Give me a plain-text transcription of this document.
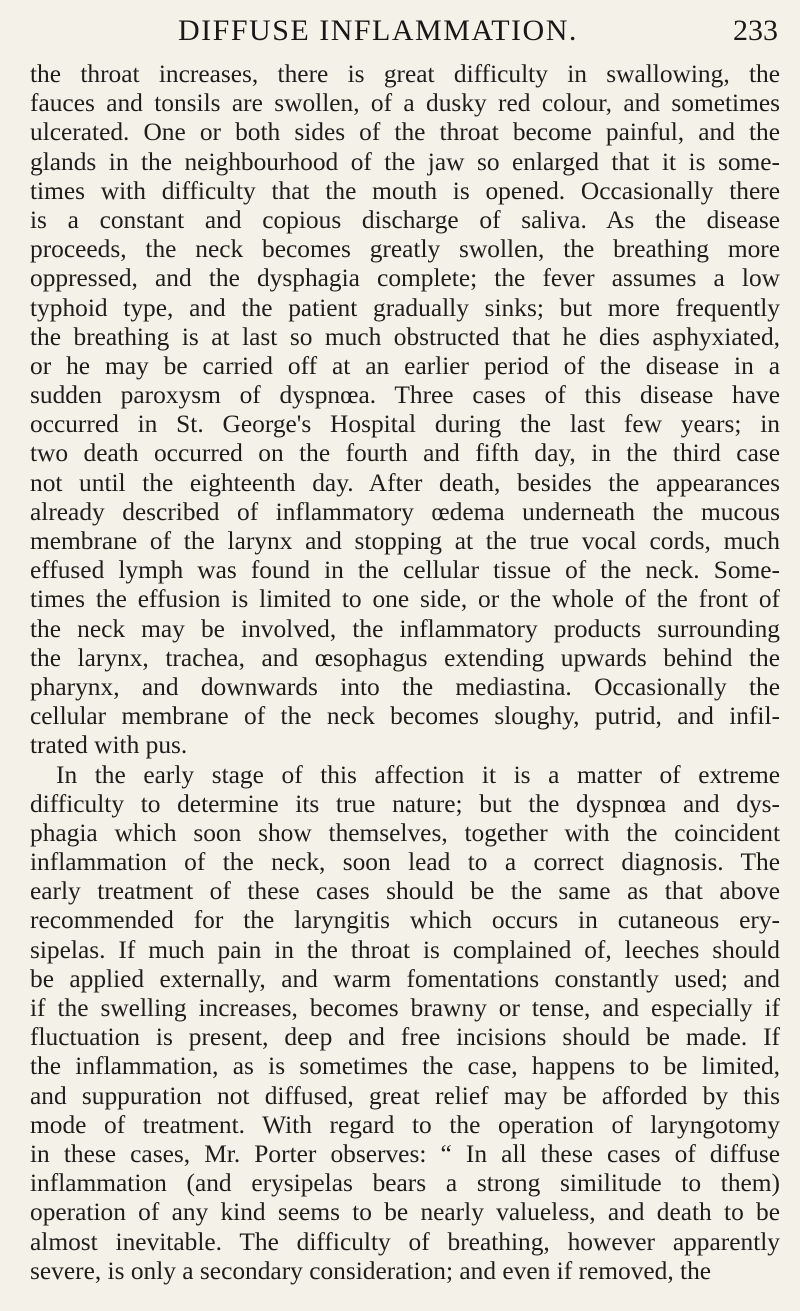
DIFFUSE INFLAMMATION.	233
the throat increases, there is great difficulty in swallowing, the
fauces and tonsils are swollen, of a dusky red colour, and sometimes
ulcerated. One or both sides of the throat become painful, and the
glands in the neighbourhood of the jaw so enlarged that it is some-
times with difficulty that the mouth is opened. Occasionally there
is a constant and copious discharge of saliva. As the disease
proceeds, the neck becomes greatly swollen, the breathing more
oppressed, and the dysphagia complete; the fever assumes a low
typhoid type, and the patient gradually sinks; but more frequently
the breathing is at last so much obstructed that he dies asphyxiated,
or he may be carried off at an earlier period of the disease in a
sudden paroxysm of dyspnœa. Three cases of this disease have
occurred in St. George's Hospital during the last few years; in
two death occurred on the fourth and fifth day, in the third case
not until the eighteenth day. After death, besides the appearances
already described of inflammatory œdema underneath the mucous
membrane of the larynx and stopping at the true vocal cords, much
effused lymph was found in the cellular tissue of the neck. Some-
times the effusion is limited to one side, or the whole of the front of
the neck may be involved, the inflammatory products surrounding
the larynx, trachea, and œsophagus extending upwards behind the
pharynx, and downwards into the mediastina. Occasionally the
cellular membrane of the neck becomes sloughy, putrid, and infil-
trated with pus.
In the early stage of this affection it is a matter of extreme
difficulty to determine its true nature; but the dyspnœa and dys-
phagia which soon show themselves, together with the coincident
inflammation of the neck, soon lead to a correct diagnosis. The
early treatment of these cases should be the same as that above
recommended for the laryngitis which occurs in cutaneous ery-
sipelas. If much pain in the throat is complained of, leeches should
be applied externally, and warm fomentations constantly used; and
if the swelling increases, becomes brawny or tense, and especially if
fluctuation is present, deep and free incisions should be made. If
the inflammation, as is sometimes the case, happens to be limited,
and suppuration not diffused, great relief may be afforded by this
mode of treatment. With regard to the operation of laryngotomy
in these cases, Mr. Porter observes: “ In all these cases of diffuse
inflammation (and erysipelas bears a strong similitude to them)
operation of any kind seems to be nearly valueless, and death to be
almost inevitable. The difficulty of breathing, however apparently
severe, is only a secondary consideration; and even if removed, the
